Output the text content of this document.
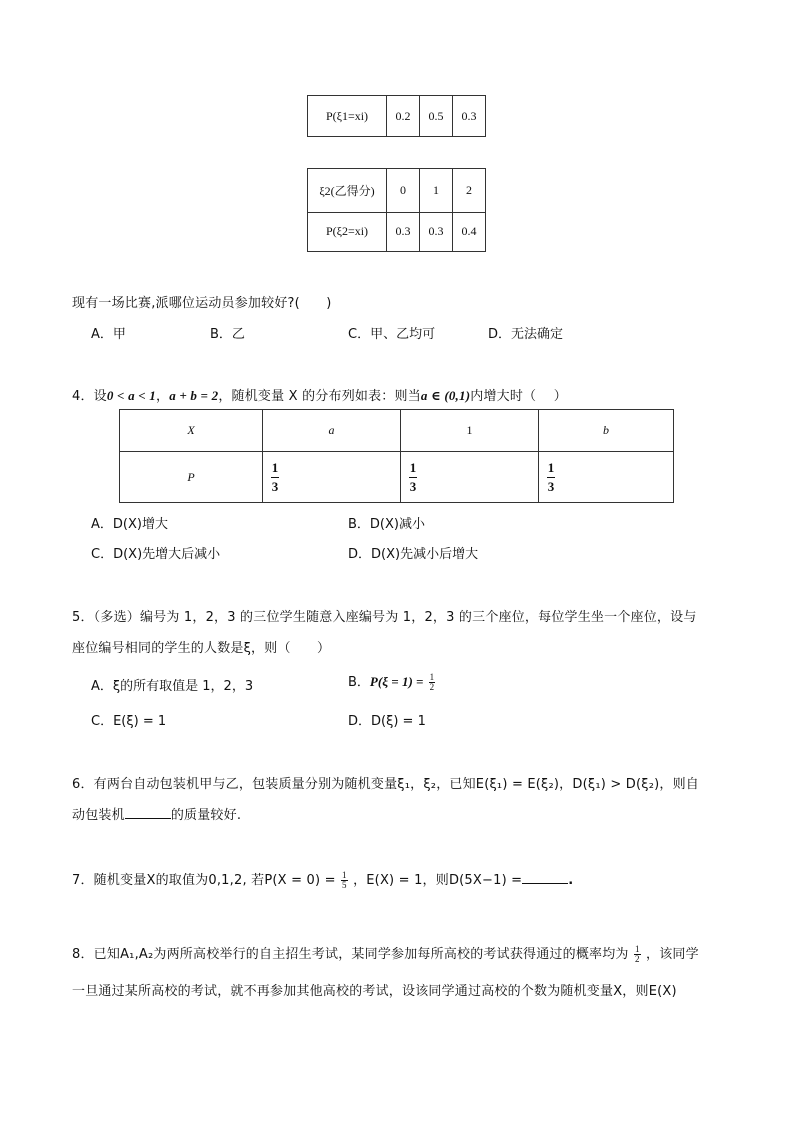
P(ξ1=xi)	0.2	0.5	0.3
ξ2(乙得分)	0	1	2
P(ξ2=xi)	0.3	0.3	0.4
现有一场比赛,派哪位运动员参加较好?(　　)
A．甲	B．乙	C．甲、乙均可	D．无法确定
4．设0 < a < 1，a + b = 2，随机变量 X 的分布列如表：则当a ∈ (0,1)内增大时（　 ）
X	a	1	b
P	$\frac{1}{3}$	$\frac{1}{3}$	$\frac{1}{3}$
A．D(X)增大	B．D(X)减小
C．D(X)先增大后减小	D．D(X)先减小后增大
5．（多选）编号为 1，2，3 的三位学生随意入座编号为 1，2，3 的三个座位，每位学生坐一个座位，设与
座位编号相同的学生的人数是ξ，则（　　）
A．ξ的所有取值是 1，2，3	B．$P(\xi = 1) = \frac{1}{2}$
C．E(ξ) = 1	D．D(ξ) = 1
6．有两台自动包装机甲与乙，包装质量分别为随机变量ξ₁，ξ₂，已知E(ξ₁) = E(ξ₂)，D(ξ₁) > D(ξ₂)，则自
动包装机	的质量较好.
7．随机变量X的取值为0,1,2, 若$P(X = 0) = \frac{1}{5}$ ，E(X) = 1，则D(5X−1) =	.
8．已知A₁,A₂为两所高校举行的自主招生考试，某同学参加每所高校的考试获得通过的概率均为 $\frac{1}{2}$ ，该同学
一旦通过某所高校的考试，就不再参加其他高校的考试，设该同学通过高校的个数为随机变量X，则E(X)
